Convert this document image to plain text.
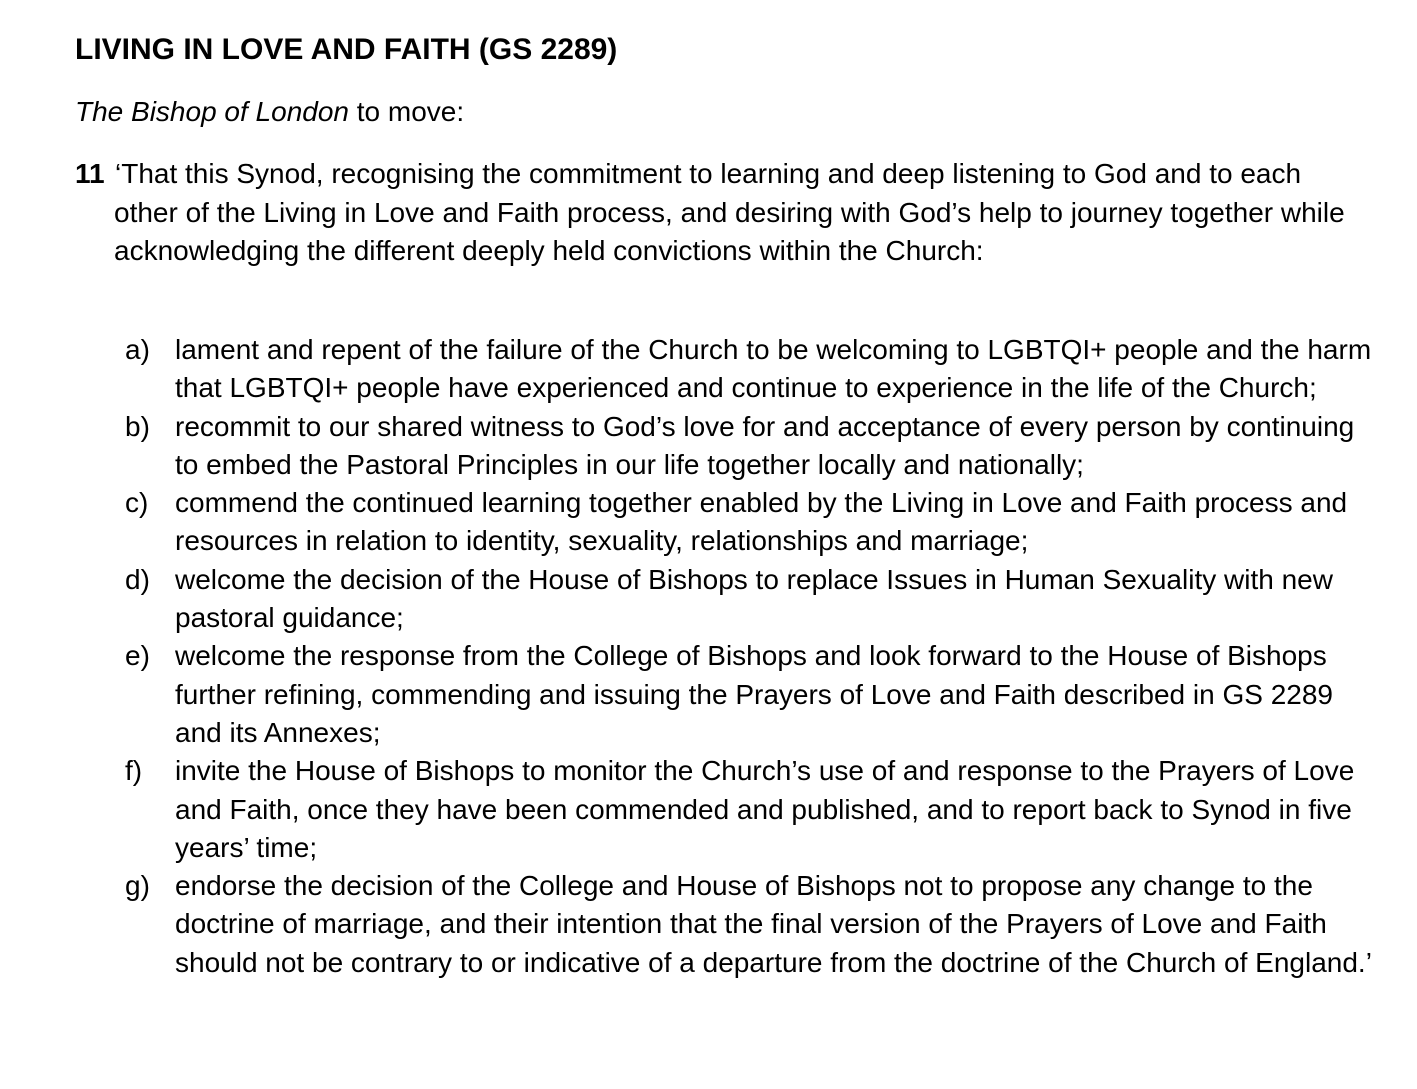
LIVING IN LOVE AND FAITH (GS 2289)

The Bishop of London to move:

11 ‘That this Synod, recognising the commitment to learning and deep listening to God and to each other of the Living in Love and Faith process, and desiring with God’s help to journey together while acknowledging the different deeply held convictions within the Church:
a) lament and repent of the failure of the Church to be welcoming to LGBTQI+ people and the harm that LGBTQI+ people have experienced and continue to experience in the life of the Church;
b) recommit to our shared witness to God’s love for and acceptance of every person by continuing to embed the Pastoral Principles in our life together locally and nationally;
c) commend the continued learning together enabled by the Living in Love and Faith process and resources in relation to identity, sexuality, relationships and marriage;
d) welcome the decision of the House of Bishops to replace Issues in Human Sexuality with new pastoral guidance;
e) welcome the response from the College of Bishops and look forward to the House of Bishops further refining, commending and issuing the Prayers of Love and Faith described in GS 2289 and its Annexes;
f) invite the House of Bishops to monitor the Church’s use of and response to the Prayers of Love and Faith, once they have been commended and published, and to report back to Synod in five years’ time;
g) endorse the decision of the College and House of Bishops not to propose any change to the doctrine of marriage, and their intention that the final version of the Prayers of Love and Faith should not be contrary to or indicative of a departure from the doctrine of the Church of England.’
